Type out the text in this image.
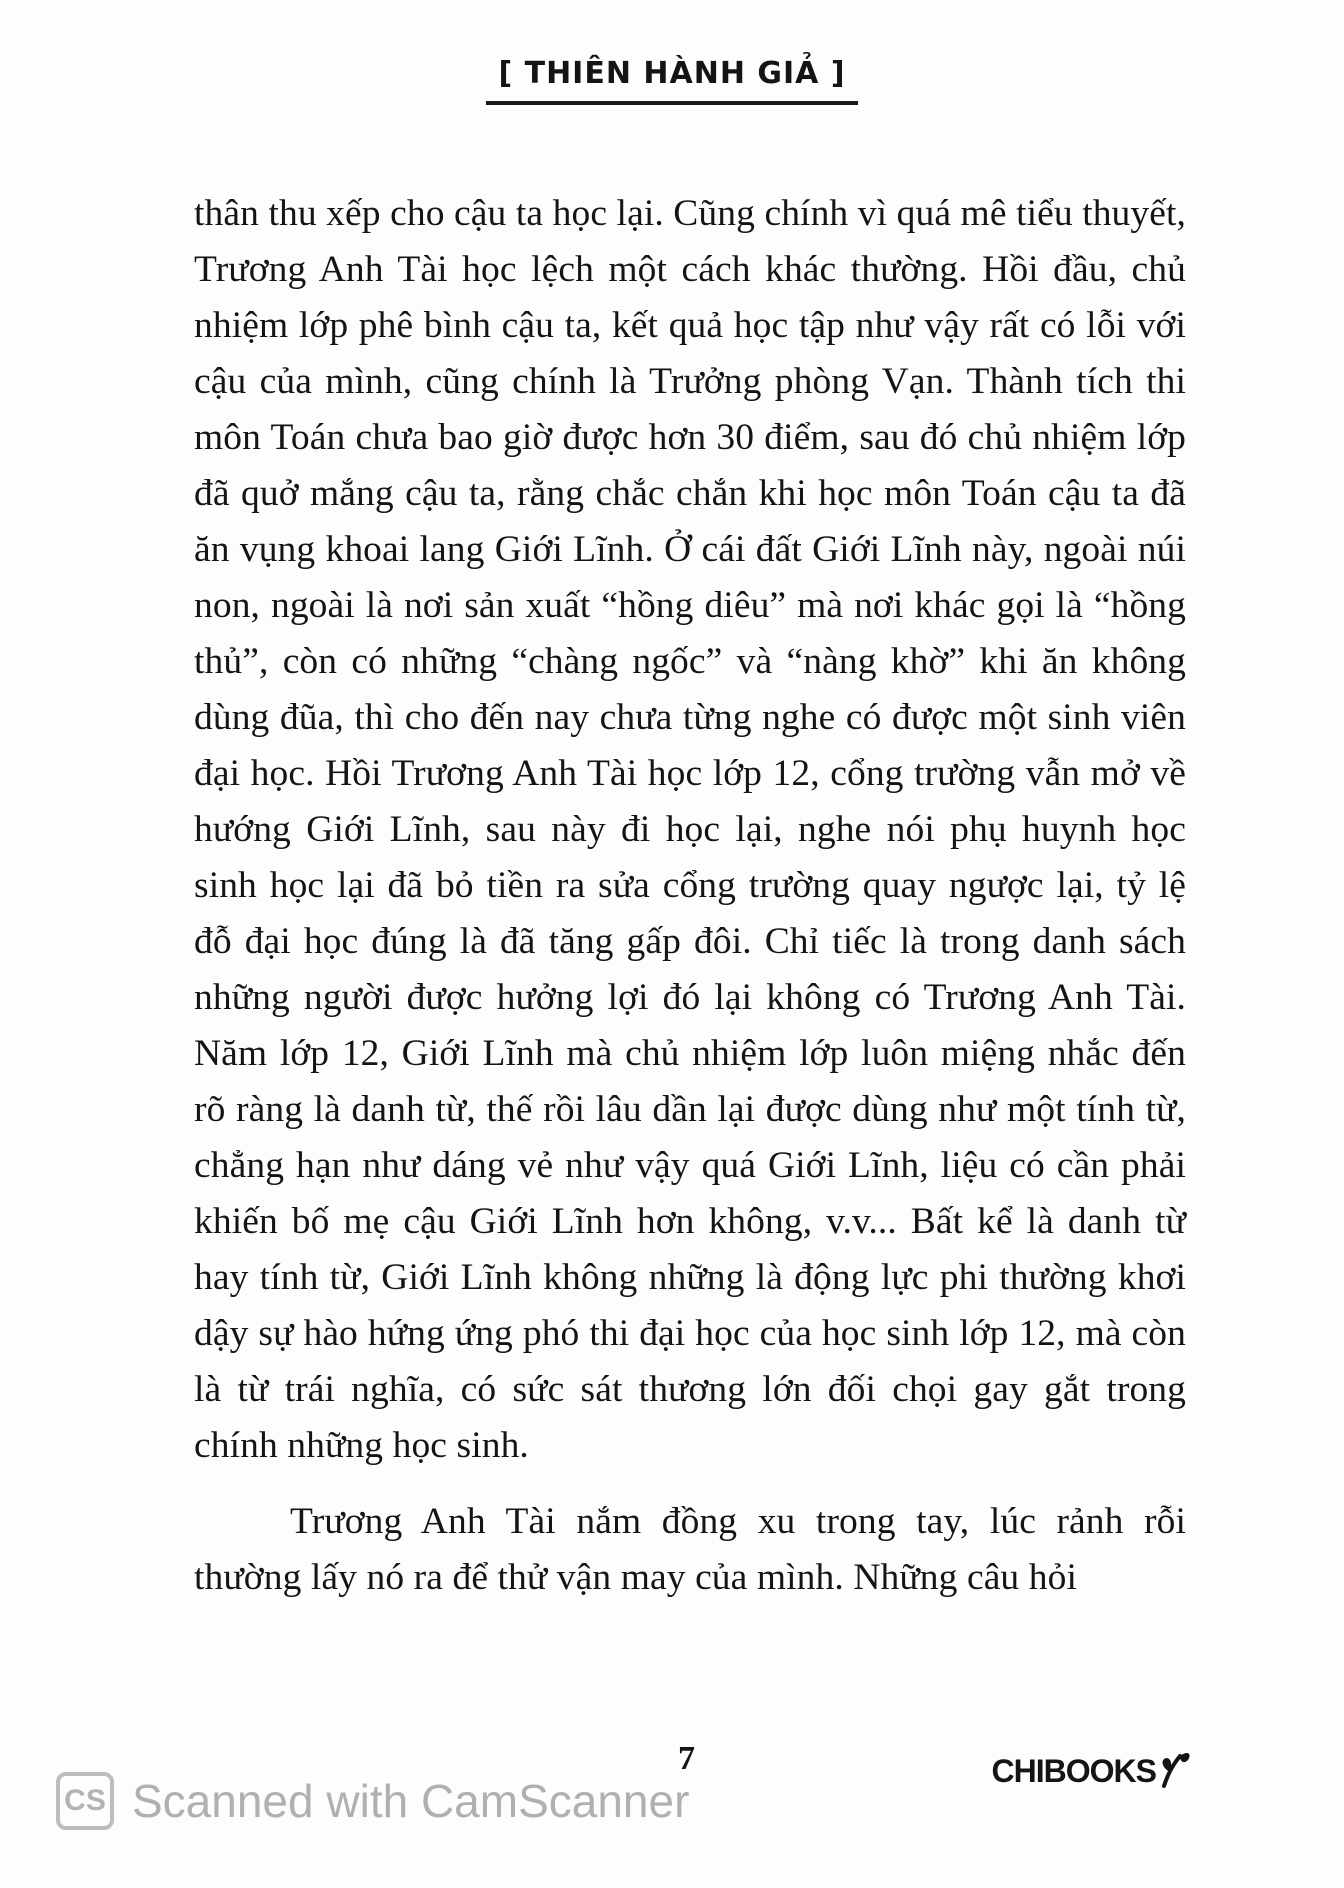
[ THIÊN HÀNH GIẢ ]

thân thu xếp cho cậu ta học lại. Cũng chính vì quá mê tiểu thuyết, Trương Anh Tài học lệch một cách khác thường. Hồi đầu, chủ nhiệm lớp phê bình cậu ta, kết quả học tập như vậy rất có lỗi với cậu của mình, cũng chính là Trưởng phòng Vạn. Thành tích thi môn Toán chưa bao giờ được hơn 30 điểm, sau đó chủ nhiệm lớp đã quở mắng cậu ta, rằng chắc chắn khi học môn Toán cậu ta đã ăn vụng khoai lang Giới Lĩnh. Ở cái đất Giới Lĩnh này, ngoài núi non, ngoài là nơi sản xuất “hồng diêu” mà nơi khác gọi là “hồng thủ”, còn có những “chàng ngốc” và “nàng khờ” khi ăn không dùng đũa, thì cho đến nay chưa từng nghe có được một sinh viên đại học. Hồi Trương Anh Tài học lớp 12, cổng trường vẫn mở về hướng Giới Lĩnh, sau này đi học lại, nghe nói phụ huynh học sinh học lại đã bỏ tiền ra sửa cổng trường quay ngược lại, tỷ lệ đỗ đại học đúng là đã tăng gấp đôi. Chỉ tiếc là trong danh sách những người được hưởng lợi đó lại không có Trương Anh Tài. Năm lớp 12, Giới Lĩnh mà chủ nhiệm lớp luôn miệng nhắc đến rõ ràng là danh từ, thế rồi lâu dần lại được dùng như một tính từ, chẳng hạn như dáng vẻ như vậy quá Giới Lĩnh, liệu có cần phải khiến bố mẹ cậu Giới Lĩnh hơn không, v.v... Bất kể là danh từ hay tính từ, Giới Lĩnh không những là động lực phi thường khơi dậy sự hào hứng ứng phó thi đại học của học sinh lớp 12, mà còn là từ trái nghĩa, có sức sát thương lớn đối chọi gay gắt trong chính những học sinh.

Trương Anh Tài nắm đồng xu trong tay, lúc rảnh rỗi thường lấy nó ra để thử vận may của mình. Những câu hỏi

7	CHIBOOKS
CS Scanned with CamScanner
